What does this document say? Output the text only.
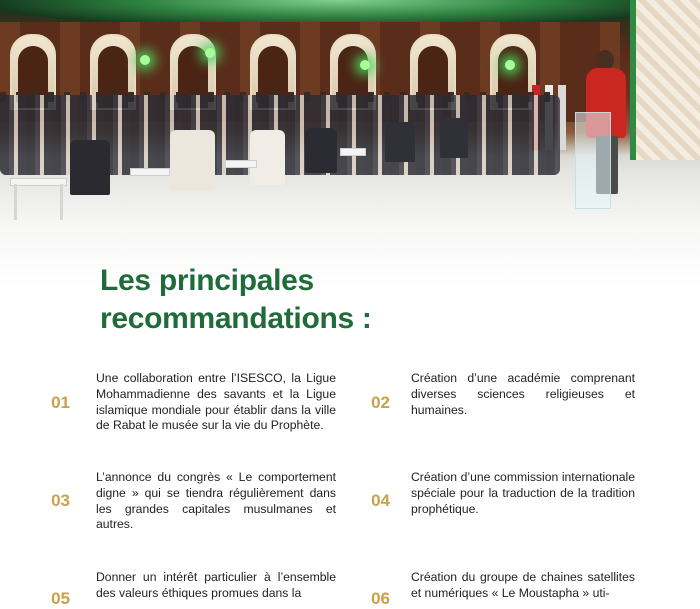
Les principales
recommandations :
01
Une collaboration entre l’ISESCO, la Ligue Mohammadienne des savants et la Ligue islamique mondiale pour établir dans la ville de Rabat le musée sur la vie du Prophète.
02
Création d’une académie comprenant diverses sciences religieuses et humaines.
03
L’annonce du congrès « Le comportement digne » qui se tiendra régulièrement dans les grandes capitales musulmanes et autres.
04
Création d’une commission internationale spéciale pour la traduction de la tradition prophétique.
05
Donner un intérêt particulier à l’ensemble des valeurs éthiques promues dans la	06
Création du groupe de chaines satellites et numériques « Le Moustapha » uti-
